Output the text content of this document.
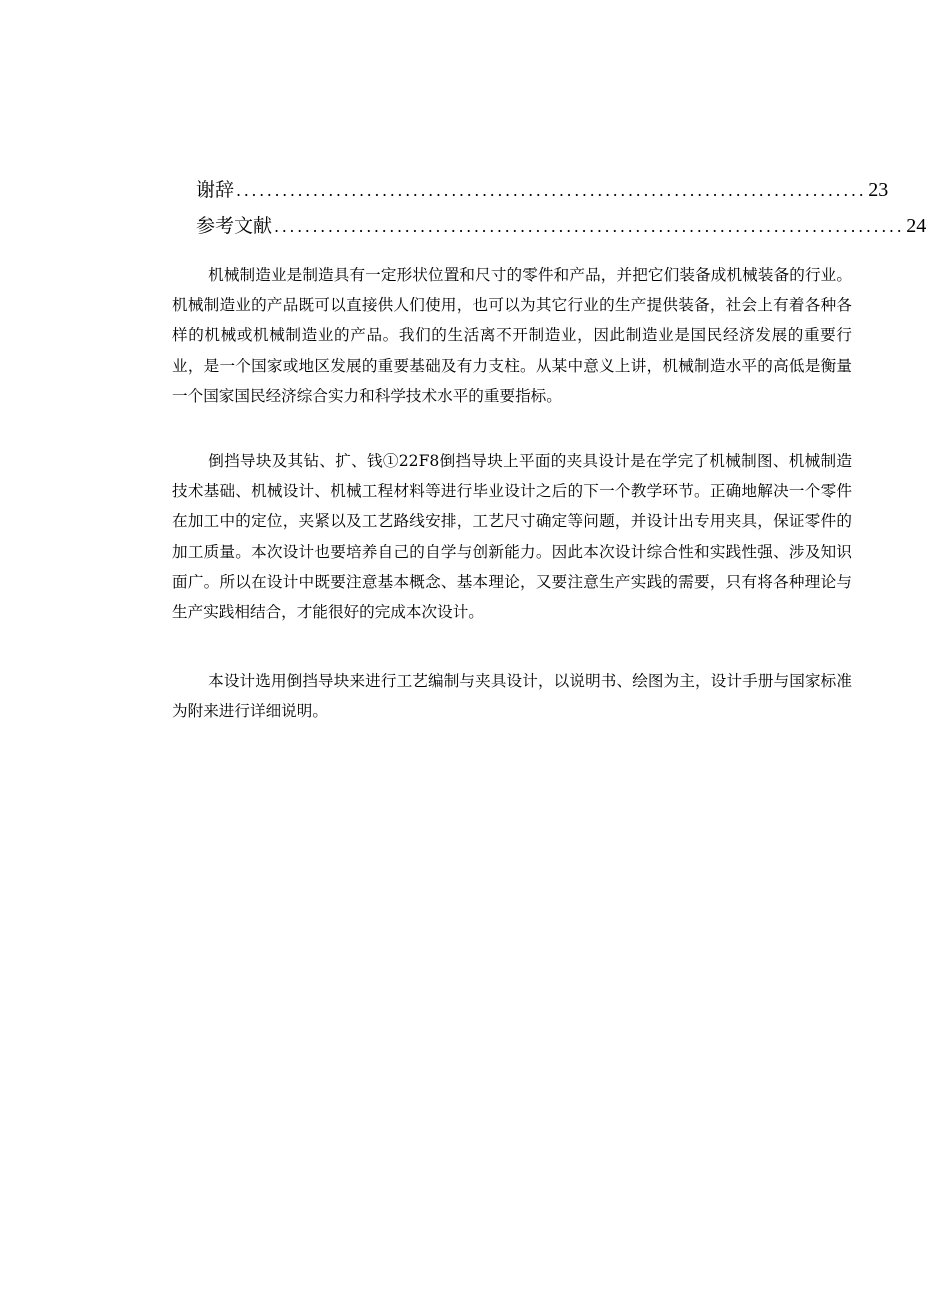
谢辞 .................................................................................. 23
参考文献 .................................................................................. 24

机械制造业是制造具有一定形状位置和尺寸的零件和产品，并把它们装备成机械装备的行业。机械制造业的产品既可以直接供人们使用，也可以为其它行业的生产提供装备，社会上有着各种各样的机械或机械制造业的产品。我们的生活离不开制造业，因此制造业是国民经济发展的重要行业，是一个国家或地区发展的重要基础及有力支柱。从某中意义上讲，机械制造水平的高低是衡量一个国家国民经济综合实力和科学技术水平的重要指标。

倒挡导块及其钻、扩、钱①22F8倒挡导块上平面的夹具设计是在学完了机械制图、机械制造技术基础、机械设计、机械工程材料等进行毕业设计之后的下一个教学环节。正确地解决一个零件在加工中的定位，夹紧以及工艺路线安排，工艺尺寸确定等问题，并设计出专用夹具，保证零件的加工质量。本次设计也要培养自己的自学与创新能力。因此本次设计综合性和实践性强、涉及知识面广。所以在设计中既要注意基本概念、基本理论，又要注意生产实践的需要，只有将各种理论与生产实践相结合，才能很好的完成本次设计。

本设计选用倒挡导块来进行工艺编制与夹具设计，以说明书、绘图为主，设计手册与国家标准为附来进行详细说明。
